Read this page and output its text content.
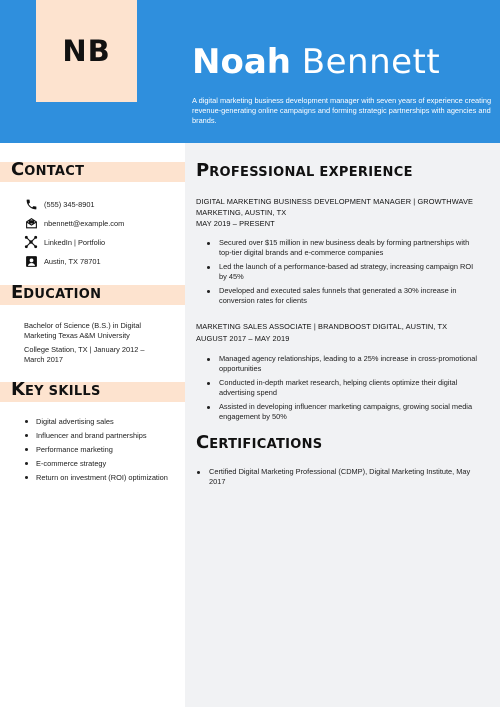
NB Noah Bennett
A digital marketing business development manager with seven years of experience creating revenue-generating online campaigns and forming strategic partnerships with agencies and brands.
CONTACT
(555) 345-8901
nbennett@example.com
LinkedIn | Portfolio
Austin, TX 78701
EDUCATION
Bachelor of Science (B.S.) in Digital Marketing Texas A&M University
College Station, TX | January 2012 – March 2017
KEY SKILLS
Digital advertising sales
Influencer and brand partnerships
Performance marketing
E-commerce strategy
Return on investment (ROI) optimization
PROFESSIONAL EXPERIENCE
DIGITAL MARKETING BUSINESS DEVELOPMENT MANAGER | GROWTHWAVE MARKETING, AUSTIN, TX
MAY 2019 – PRESENT
Secured over $15 million in new business deals by forming partnerships with top-tier digital brands and e-commerce companies
Led the launch of a performance-based ad strategy, increasing campaign ROI by 45%
Developed and executed sales funnels that generated a 30% increase in conversion rates for clients
MARKETING SALES ASSOCIATE | BRANDBOOST DIGITAL, AUSTIN, TX
AUGUST 2017 – MAY 2019
Managed agency relationships, leading to a 25% increase in cross-promotional opportunities
Conducted in-depth market research, helping clients optimize their digital advertising spend
Assisted in developing influencer marketing campaigns, growing social media engagement by 50%
CERTIFICATIONS
Certified Digital Marketing Professional (CDMP), Digital Marketing Institute, May 2017
